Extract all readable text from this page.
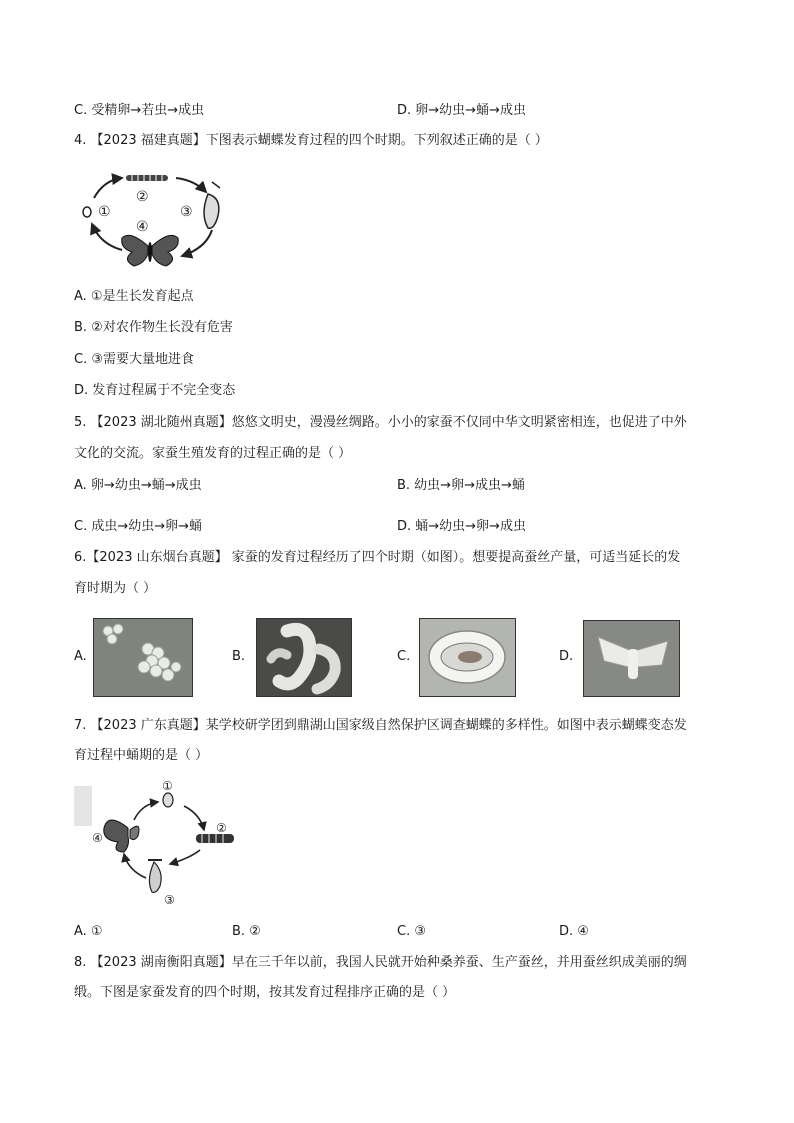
C. 受精卵→若虫→成虫	D. 卵→幼虫→蛹→成虫
4. 【2023 福建真题】下图表示蝴蝶发育过程的四个时期。下列叙述正确的是（ ）
①
②
③
④
A. ①是生长发育起点
B. ②对农作物生长没有危害
C. ③需要大量地进食
D. 发育过程属于不完全变态
5. 【2023 湖北随州真题】悠悠文明史，漫漫丝绸路。小小的家蚕不仅同中华文明紧密相连，也促进了中外
文化的交流。家蚕生殖发育的过程正确的是（ ）
A. 卵→幼虫→蛹→成虫	B. 幼虫→卵→成虫→蛹
C. 成虫→幼虫→卵→蛹	D. 蛹→幼虫→卵→成虫
6.【2023 山东烟台真题】 家蚕的发育过程经历了四个时期（如图）。想要提高蚕丝产量，可适当延长的发
育时期为（ ）
A.	B.	C.	D.
7. 【2023 广东真题】某学校研学团到鼎湖山国家级自然保护区调查蝴蝶的多样性。如图中表示蝴蝶变态发
育过程中蛹期的是（ ）
①
②
③
④
A. ①	B. ②	C. ③	D. ④
8. 【2023 湖南衡阳真题】早在三千年以前，我国人民就开始种桑养蚕、生产蚕丝，并用蚕丝织成美丽的绸
缎。下图是家蚕发育的四个时期，按其发育过程排序正确的是（ ）
